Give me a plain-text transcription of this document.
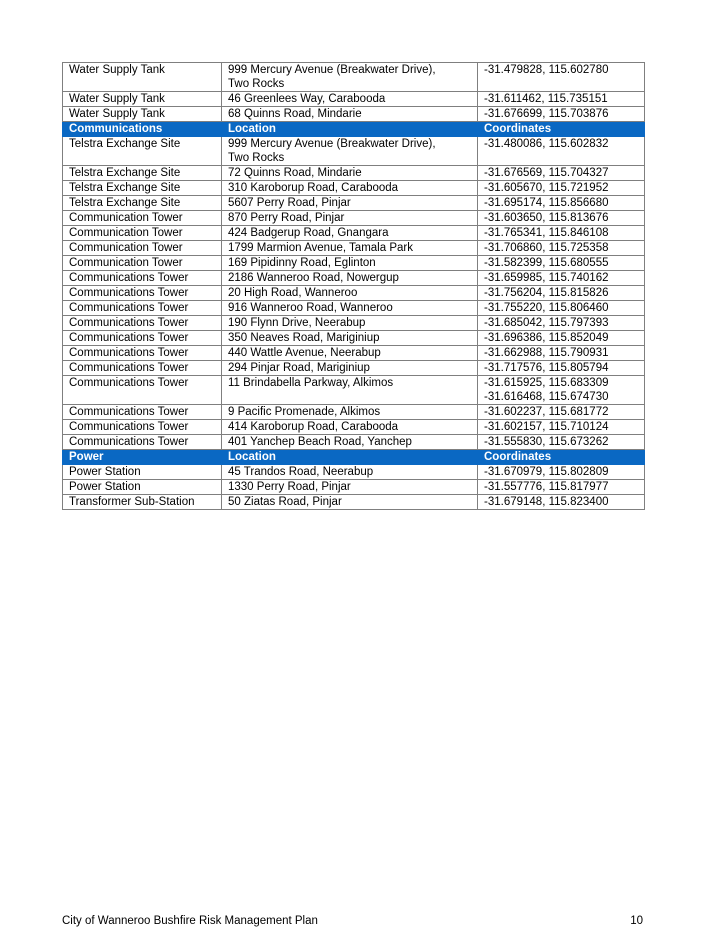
Water Supply Tank	999 Mercury Avenue (Breakwater Drive),
Two Rocks	-31.479828, 115.602780
Water Supply Tank	46 Greenlees Way, Carabooda	-31.611462, 115.735151
Water Supply Tank	68 Quinns Road, Mindarie	-31.676699, 115.703876
Communications	Location	Coordinates
Telstra Exchange Site	999 Mercury Avenue (Breakwater Drive),
Two Rocks	-31.480086, 115.602832
Telstra Exchange Site	72 Quinns Road, Mindarie	-31.676569, 115.704327
Telstra Exchange Site	310 Karoborup Road, Carabooda	-31.605670, 115.721952
Telstra Exchange Site	5607 Perry Road, Pinjar	-31.695174, 115.856680
Communication Tower	870 Perry Road, Pinjar	-31.603650, 115.813676
Communication Tower	424 Badgerup Road, Gnangara	-31.765341, 115.846108
Communication Tower	1799 Marmion Avenue, Tamala Park	-31.706860, 115.725358
Communication Tower	169 Pipidinny Road, Eglinton	-31.582399, 115.680555
Communications Tower	2186 Wanneroo Road, Nowergup	-31.659985, 115.740162
Communications Tower	20 High Road, Wanneroo	-31.756204, 115.815826
Communications Tower	916 Wanneroo Road, Wanneroo	-31.755220, 115.806460
Communications Tower	190 Flynn Drive, Neerabup	-31.685042, 115.797393
Communications Tower	350 Neaves Road, Mariginiup	-31.696386, 115.852049
Communications Tower	440 Wattle Avenue, Neerabup	-31.662988, 115.790931
Communications Tower	294 Pinjar Road, Mariginiup	-31.717576, 115.805794
Communications Tower	11 Brindabella Parkway, Alkimos	-31.615925, 115.683309
-31.616468, 115.674730

Communications Tower	9 Pacific Promenade, Alkimos	-31.602237, 115.681772
Communications Tower	414 Karoborup Road, Carabooda	-31.602157, 115.710124
Communications Tower	401 Yanchep Beach Road, Yanchep	-31.555830, 115.673262
Power	Location	Coordinates
Power Station	45 Trandos Road, Neerabup	-31.670979, 115.802809
Power Station	1330 Perry Road, Pinjar	-31.557776, 115.817977
Transformer Sub-Station	50 Ziatas Road, Pinjar	-31.679148, 115.823400
City of Wanneroo Bushfire Risk Management Plan	10
